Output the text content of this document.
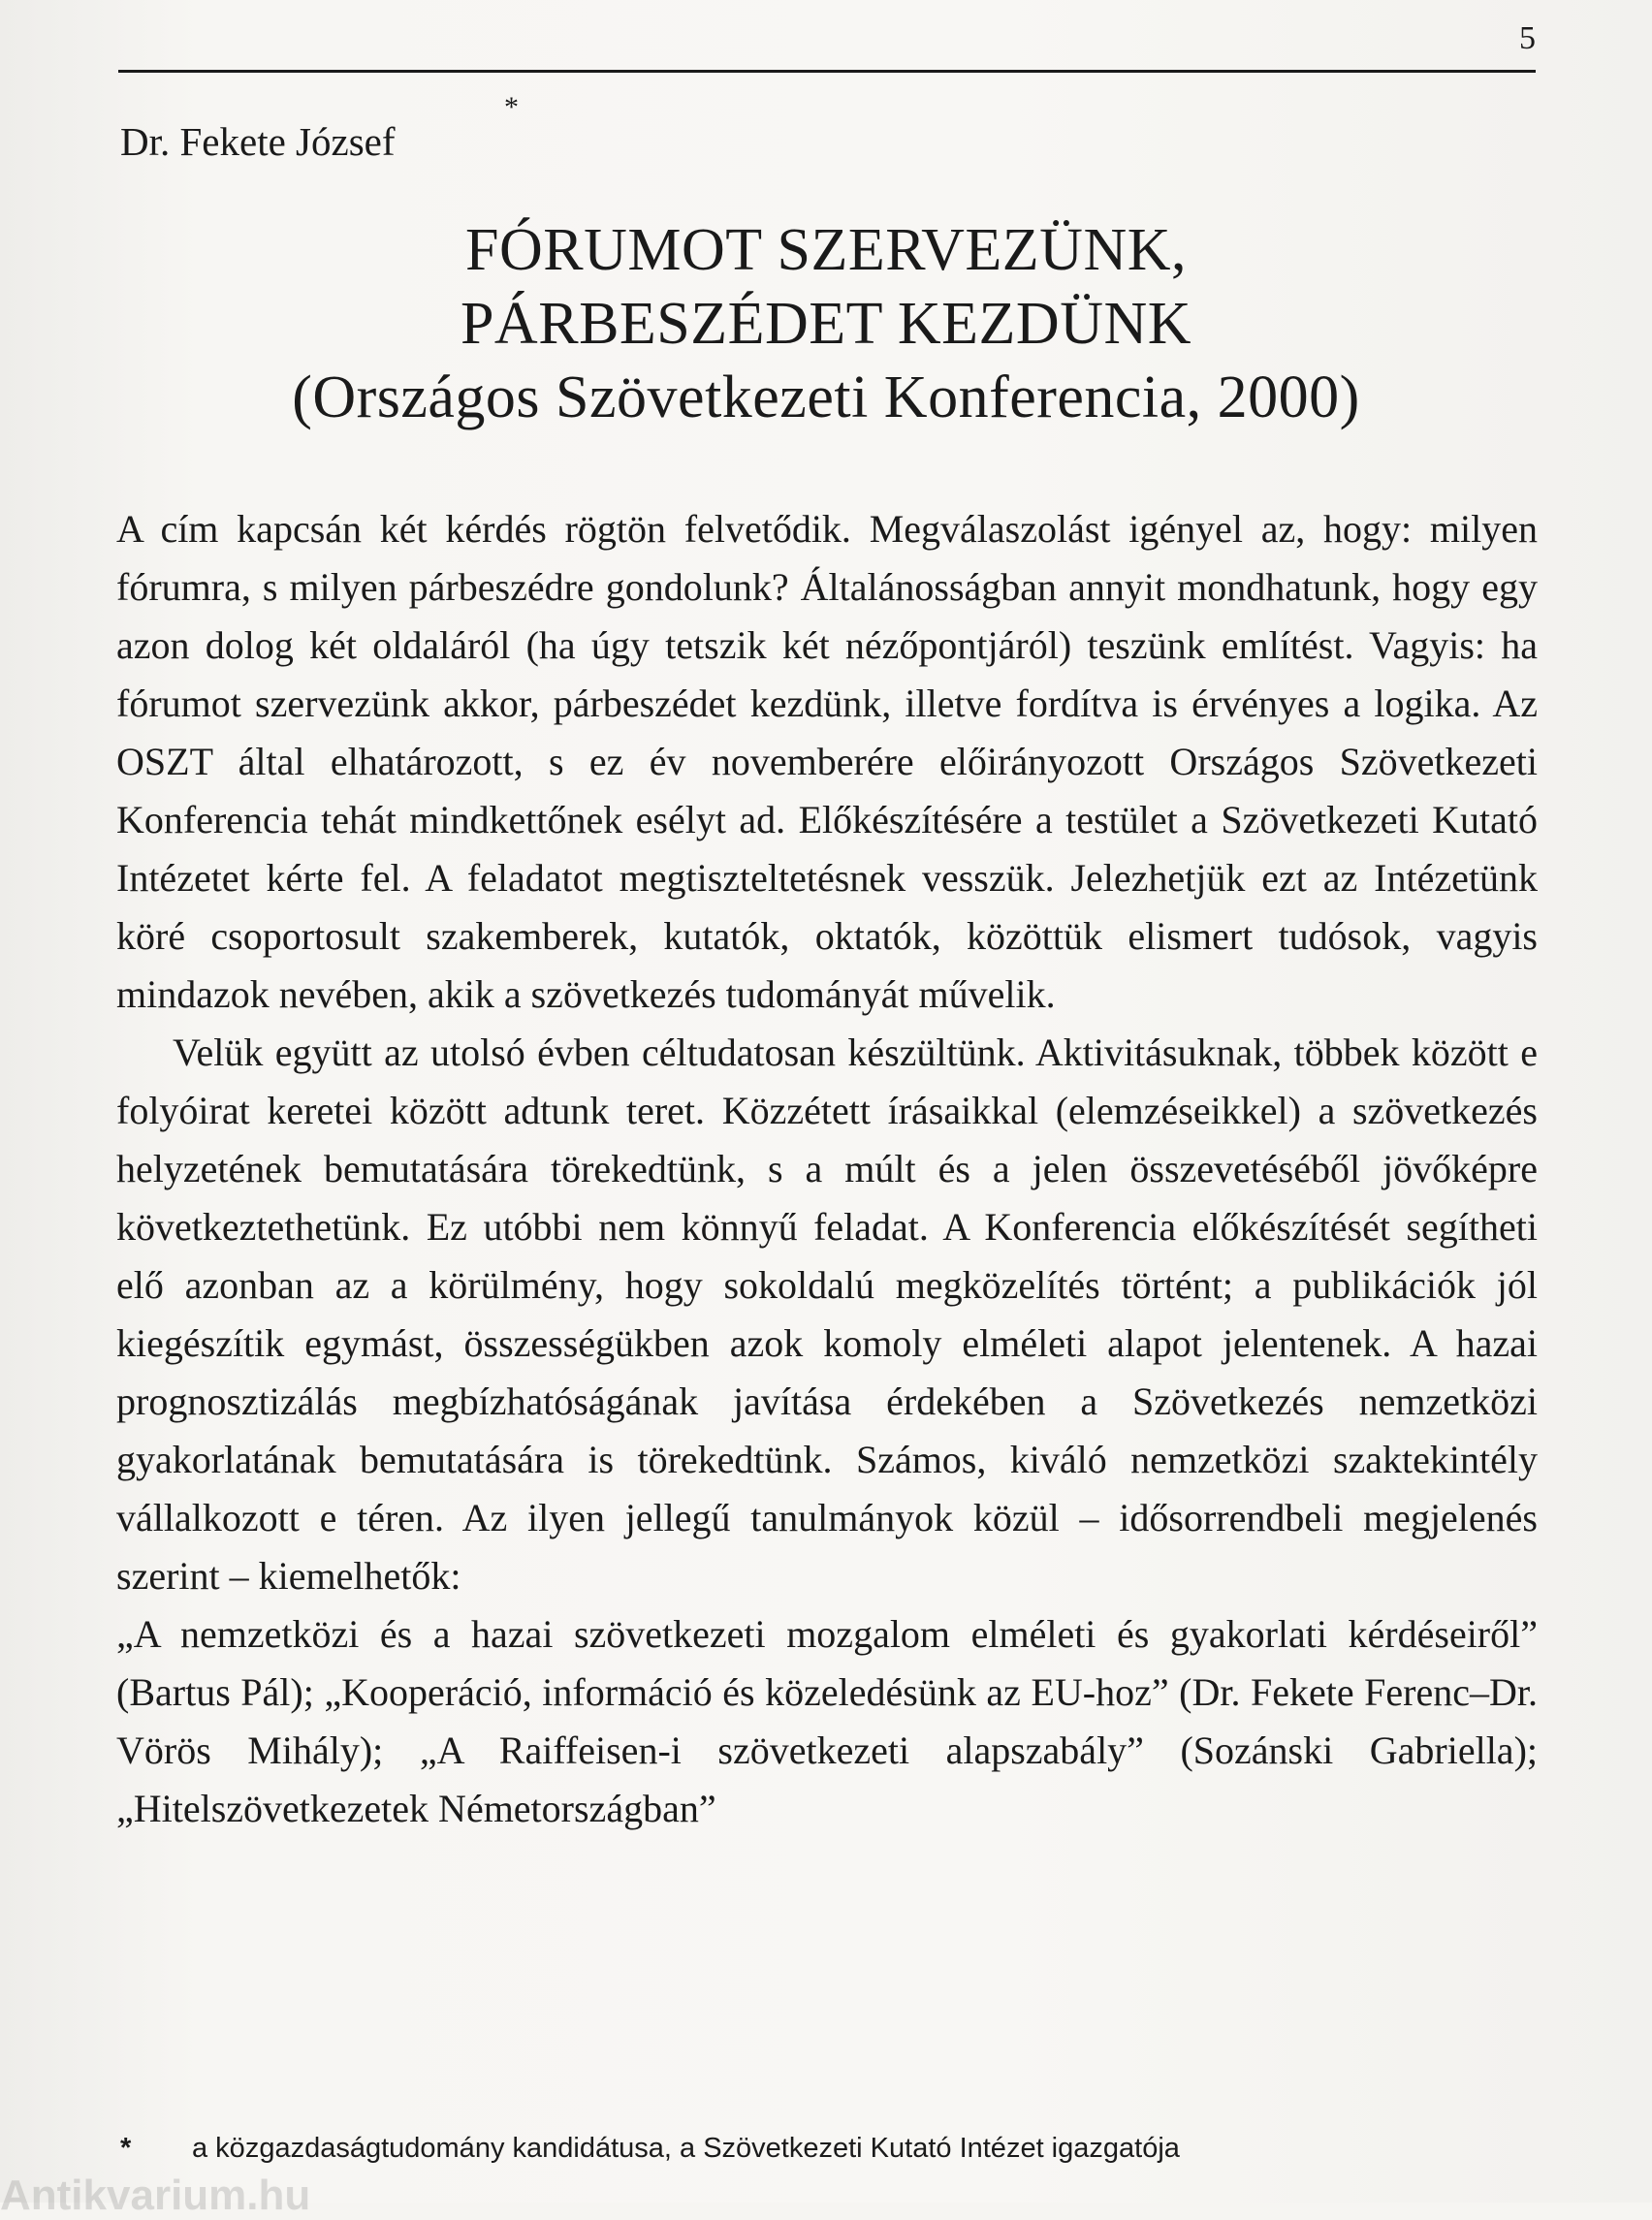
5
Dr. Fekete József
*
FÓRUMOT SZERVEZÜNK,
PÁRBESZÉDET KEZDÜNK
(Országos Szövetkezeti Konferencia, 2000)

A cím kapcsán két kérdés rögtön felvetődik. Megválaszolást igényel az, hogy: milyen fórumra, s milyen párbeszédre gondolunk? Általánosságban annyit mondhatunk, hogy egy azon dolog két oldaláról (ha úgy tetszik két nézőpontjáról) teszünk említést. Vagyis: ha fórumot szervezünk akkor, párbeszédet kezdünk, illetve fordítva is érvényes a logika. Az OSZT által elhatározott, s ez év novemberére előirányozott Országos Szövetkezeti Konferencia tehát mindkettőnek esélyt ad. Előkészítésére a testület a Szövetkezeti Kutató Intézetet kérte fel. A feladatot megtiszteltetésnek vesszük. Jelezhetjük ezt az Intézetünk köré csoportosult szakemberek, kutatók, oktatók, közöttük elismert tudósok, vagyis mindazok nevében, akik a szövetkezés tudományát művelik.

Velük együtt az utolsó évben céltudatosan készültünk. Aktivitásuknak, többek között e folyóirat keretei között adtunk teret. Közzétett írásaikkal (elemzéseikkel) a szövetkezés helyzetének bemutatására törekedtünk, s a múlt és a jelen összevetéséből jövőképre következtethetünk. Ez utóbbi nem könnyű feladat. A Konferencia előkészítését segítheti elő azonban az a körülmény, hogy sokoldalú megközelítés történt; a publikációk jól kiegészítik egymást, összességükben azok komoly elméleti alapot jelentenek. A hazai prognosztizálás megbízhatóságának javítása érdekében a Szövetkezés nemzetközi gyakorlatának bemutatására is törekedtünk. Számos, kiváló nemzetközi szaktekintély vállalkozott e téren. Az ilyen jellegű tanulmányok közül – idősorrendbeli megjelenés szerint – kiemelhetők:

„A nemzetközi és a hazai szövetkezeti mozgalom elméleti és gyakorlati kérdéseiről” (Bartus Pál); „Kooperáció, információ és közeledésünk az EU-hoz” (Dr. Fekete Ferenc–Dr. Vörös Mihály); „A Raiffeisen-i szövetkezeti alapszabály” (Sozánski Gabriella); „Hitelszövetkezetek Németországban”

* a közgazdaságtudomány kandidátusa, a Szövetkezeti Kutató Intézet igazgatója
Antikvarium.hu
